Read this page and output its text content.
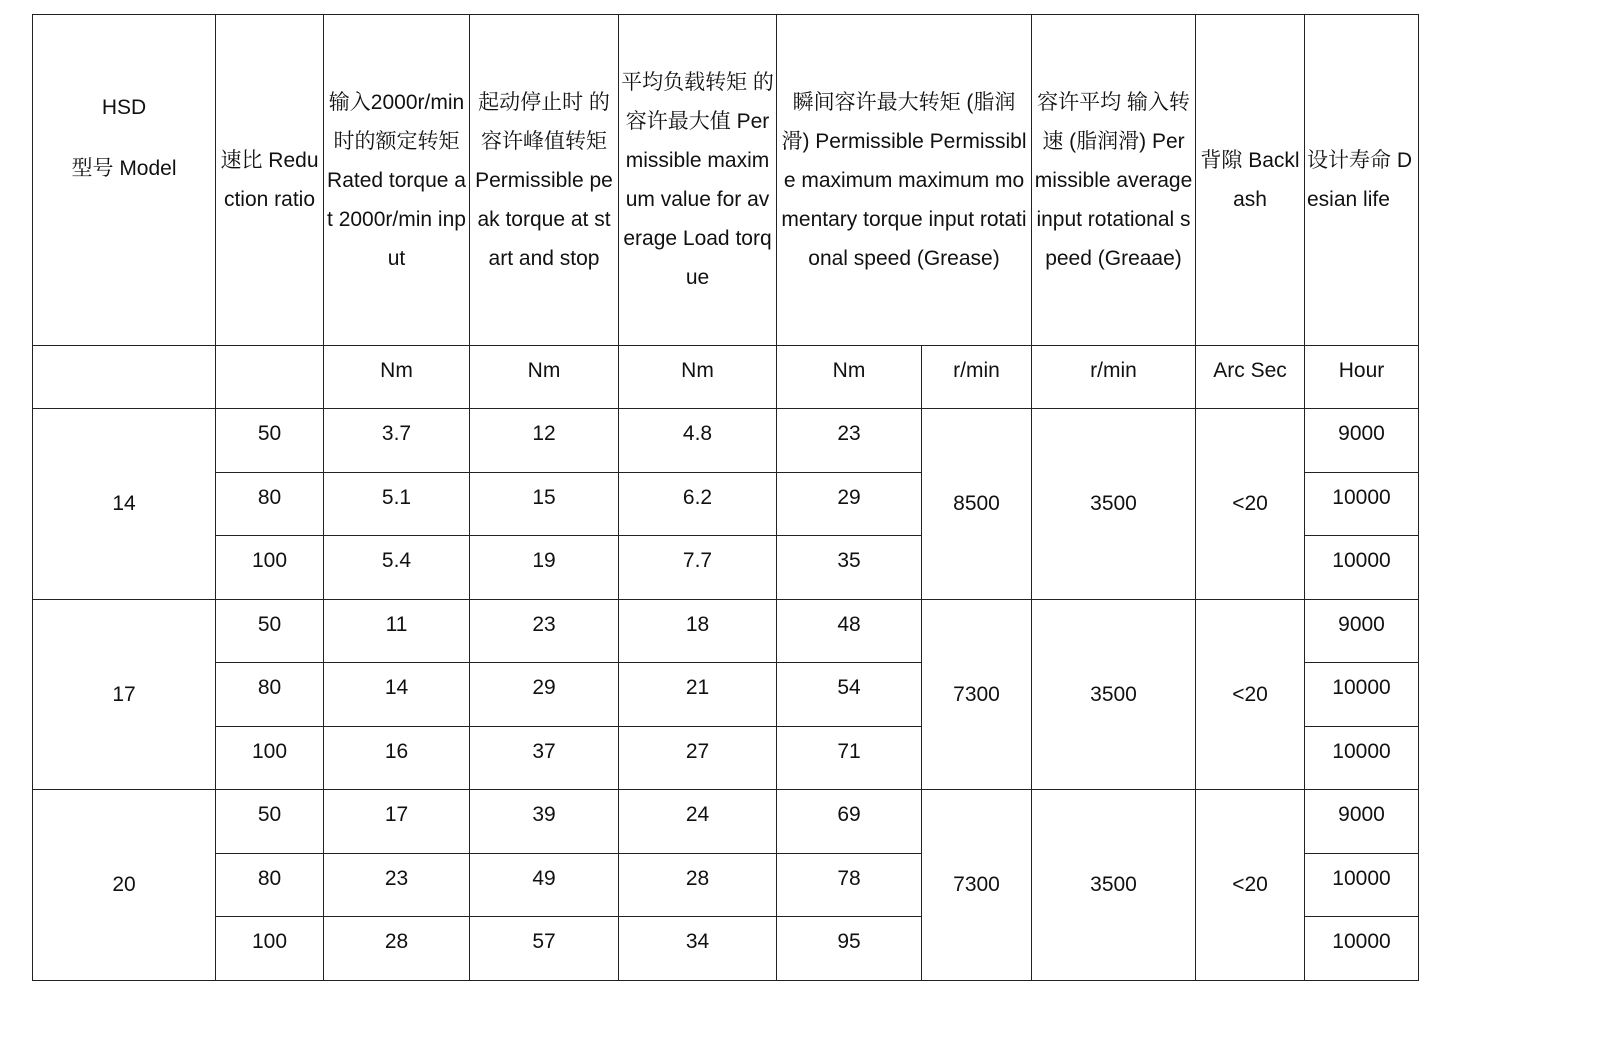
HSD
型号 Model	速比 Reduction ratio	输入2000r/min 时的额定转矩 Rated torque at 2000r/min input	起动停止时 的 容许峰值转矩 Permissible peak torque at start and stop	平均负载转矩 的容许最大值 Permissible maximum value for average Load torque	瞬间容许最大转矩 (脂润滑) Permissible Permissible maximum maximum momentary torque input rotational speed (Grease)		容许平均 输入转速 (脂润滑) Permissible average input rotational speed (Greaae)	背隙 Backlash	设计寿命 Desian life
		Nm	Nm	Nm	Nm	r/min	r/min	Arc Sec	Hour
14	50	3.7	12	4.8	23	8500	3500	<20	9000
	80	5.1	15	6.2	29				10000
	100	5.4	19	7.7	35				10000
17	50	11	23	18	48	7300	3500	<20	9000
	80	14	29	21	54				10000
	100	16	37	27	71				10000
20	50	17	39	24	69	7300	3500	<20	9000
	80	23	49	28	78				10000
	100	28	57	34	95				10000
